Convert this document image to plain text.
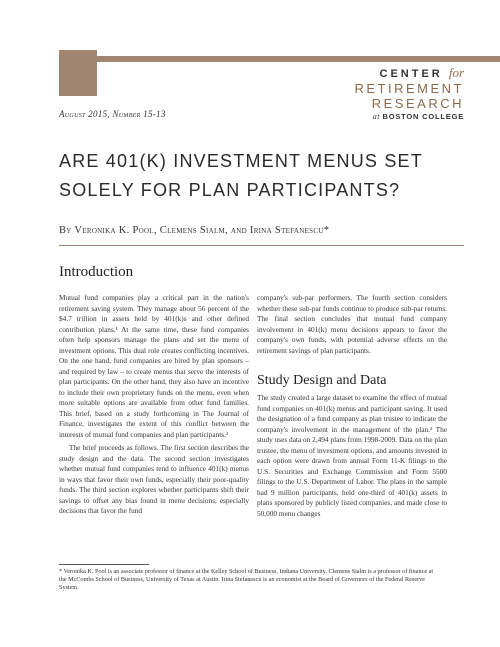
CENTER for
RETIREMENT
RESEARCH
at BOSTON COLLEGE
August 2015, Number 15-13
ARE 401(K) INVESTMENT MENUS SET SOLELY FOR PLAN PARTICIPANTS?
By Veronika K. Pool, Clemens Sialm, and Irina Stefanescu*
Introduction

Mutual fund companies play a critical part in the nation's retirement saving system. They manage about 56 percent of the $4.7 trillion in assets held by 401(k)s and other defined contribution plans.¹ At the same time, these fund companies often help sponsors manage the plans and set the menu of investment options. This dual role creates conflicting incentives. On the one hand, fund companies are hired by plan sponsors – and required by law – to create menus that serve the interests of plan participants. On the other hand, they also have an incentive to include their own proprietary funds on the menu, even when more suitable options are available from other fund families. This brief, based on a study forthcoming in The Journal of Finance, investigates the extent of this conflict between the interests of mutual fund companies and plan participants.²

The brief proceeds as follows. The first section describes the study design and the data. The second section investigates whether mutual fund companies tend to influence 401(k) menus in ways that favor their own funds, especially their poor-quality funds. The third section explores whether participants shift their savings to offset any bias found in menu decisions, especially decisions that favor the fund

company's sub-par performers. The fourth section considers whether these sub-par funds continue to produce sub-par returns. The final section concludes that mutual fund company involvement in 401(k) menu decisions appears to favor the company's own funds, with potential adverse effects on the retirement savings of plan participants.

Study Design and Data

The study created a large dataset to examine the effect of mutual fund companies on 401(k) menus and participant saving. It used the designation of a fund company as plan trustee to indicate the company's involvement in the management of the plan.³ The study uses data on 2,494 plans from 1998-2009. Data on the plan trustee, the menu of investment options, and amounts invested in each option were drawn from annual Form 11-K filings to the U.S. Securities and Exchange Commission and Form 5500 filings to the U.S. Department of Labor. The plans in the sample had 9 million participants, held one-third of 401(k) assets in plans sponsored by publicly listed companies, and made close to 50,000 menu changes

* Veronika K. Pool is an associate professor of finance at the Kelley School of Business, Indiana University. Clemens Sialm is a professor of finance at the McCombs School of Business, University of Texas at Austin. Irina Stefanescu is an economist at the Board of Governors of the Federal Reserve System.
